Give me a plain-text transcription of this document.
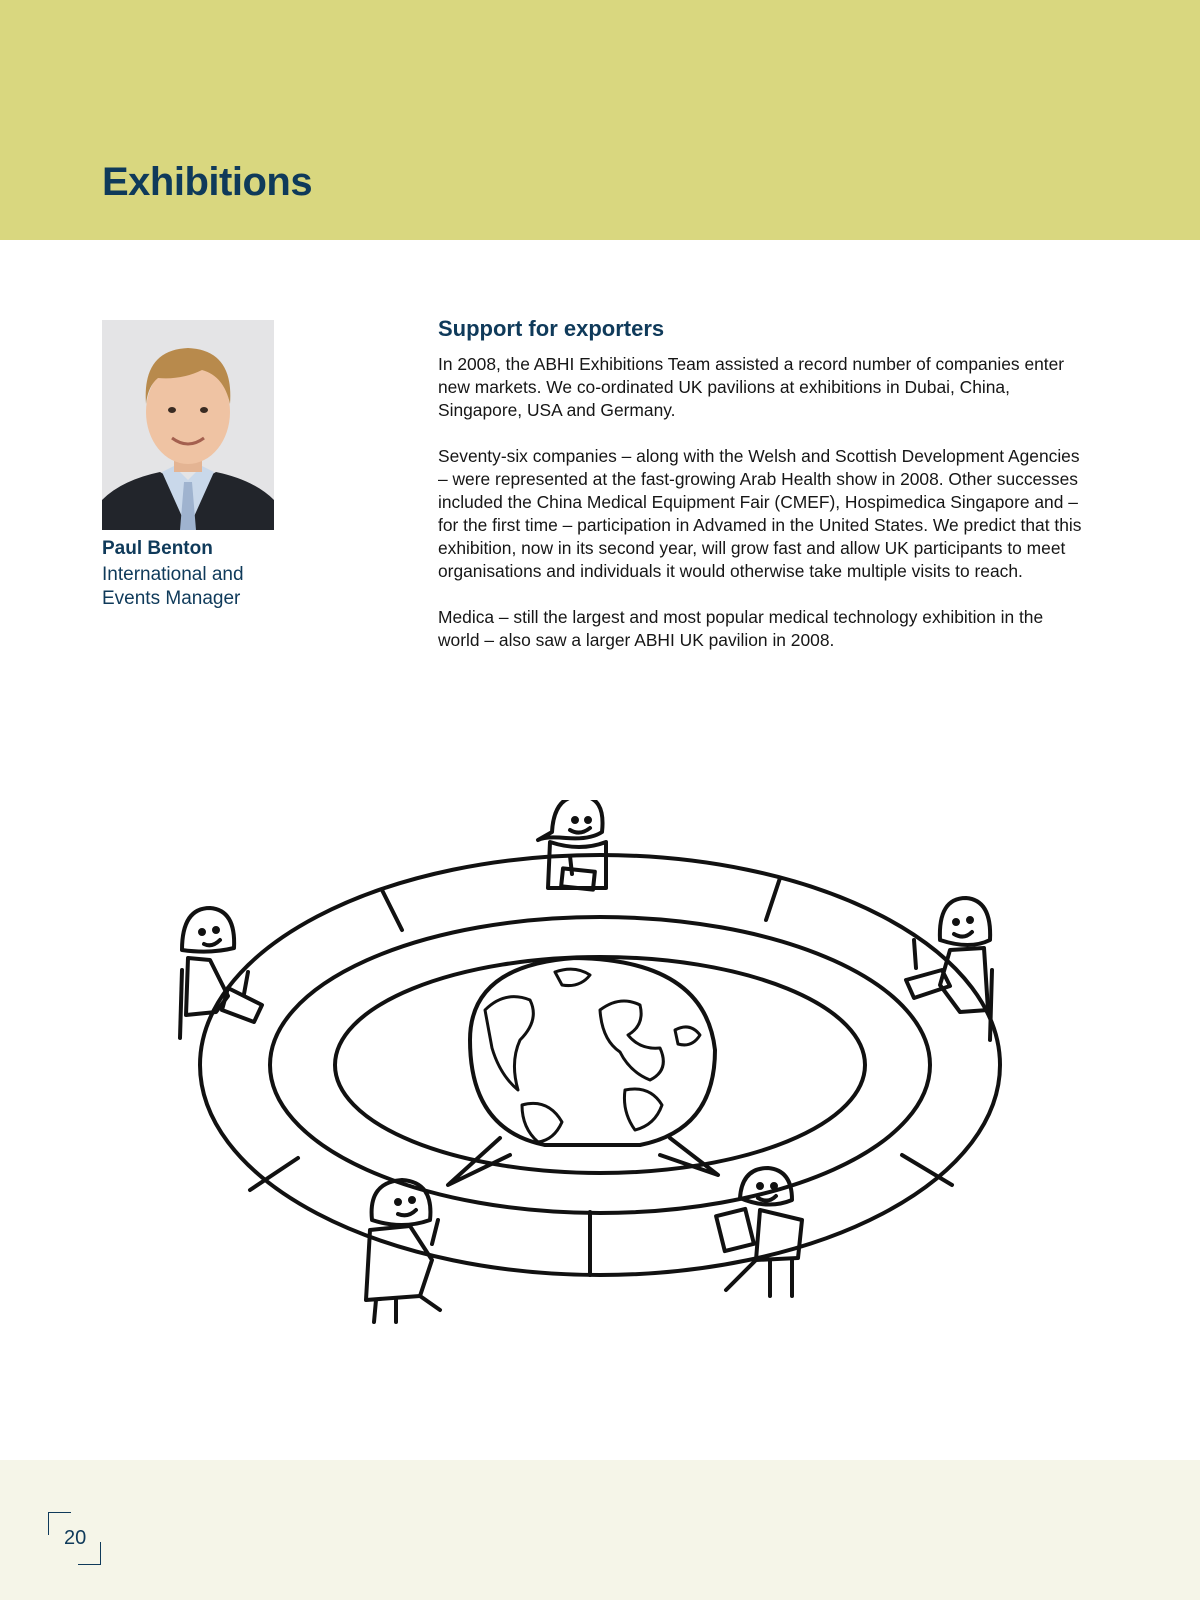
Exhibitions

Paul Benton

International and Events Manager

Support for exporters

In 2008, the ABHI Exhibitions Team assisted a record number of companies enter new markets. We co-ordinated UK pavilions at exhibitions in Dubai, China, Singapore, USA and Germany.

Seventy-six companies – along with the Welsh and Scottish Development Agencies – were represented at the fast-growing Arab Health show in 2008. Other successes included the China Medical Equipment Fair (CMEF), Hospimedica Singapore and – for the first time – participation in Advamed in the United States. We predict that this exhibition, now in its second year, will grow fast and allow UK participants to meet organisations and individuals it would otherwise take multiple visits to reach.

Medica – still the largest and most popular medical technology exhibition in the world – also saw a larger ABHI UK pavilion in 2008.

20
